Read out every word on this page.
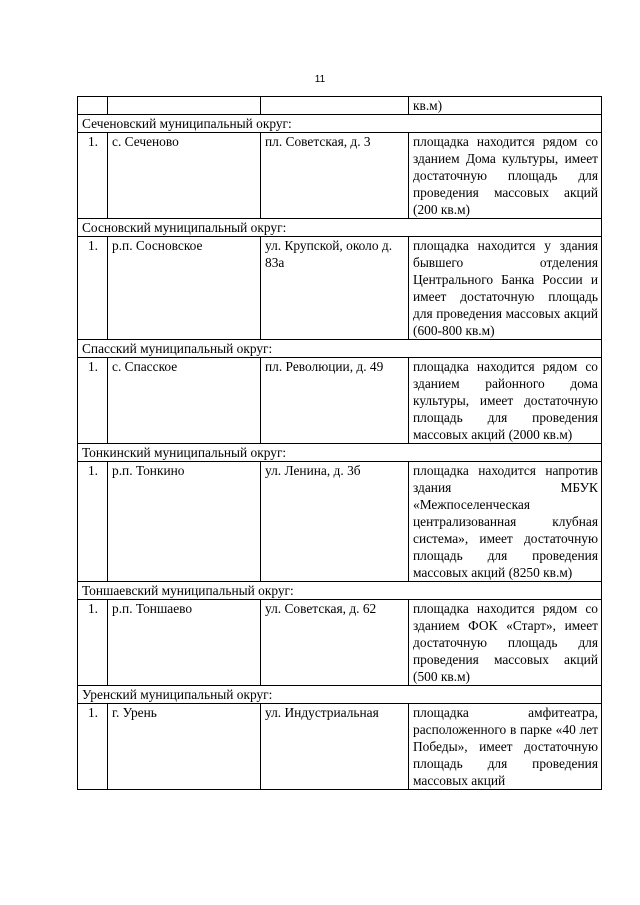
11
			кв.м)
Сеченовский муниципальный округ:			
1.	с. Сеченово	пл. Советская, д. 3	площадка находится рядом со зданием Дома культуры, имеет достаточную площадь для проведения массовых акций (200 кв.м)
Сосновский муниципальный округ:			
1.	р.п. Сосновское	ул. Крупской, около д. 83а	площадка находится у здания бывшего отделения Центрального Банка России и имеет достаточную площадь для проведения массовых акций (600-800 кв.м)
Спасский муниципальный округ:			
1.	с. Спасское	пл. Революции, д. 49	площадка находится рядом со зданием районного дома культуры, имеет достаточную площадь для проведения массовых акций (2000 кв.м)
Тонкинский муниципальный округ:			
1.	р.п. Тонкино	ул. Ленина, д. 3б	площадка находится напротив здания МБУК «Межпоселенческая централизованная клубная система», имеет достаточную площадь для проведения массовых акций (8250 кв.м)
Тоншаевский муниципальный округ:			
1.	р.п. Тоншаево	ул. Советская, д. 62	площадка находится рядом со зданием ФОК «Старт», имеет достаточную площадь для проведения массовых акций (500 кв.м)
Уренский муниципальный округ:			
1.	г. Урень	ул. Индустриальная	площадка амфитеатра, расположенного в парке «40 лет Победы», имеет достаточную площадь для проведения массовых акций
